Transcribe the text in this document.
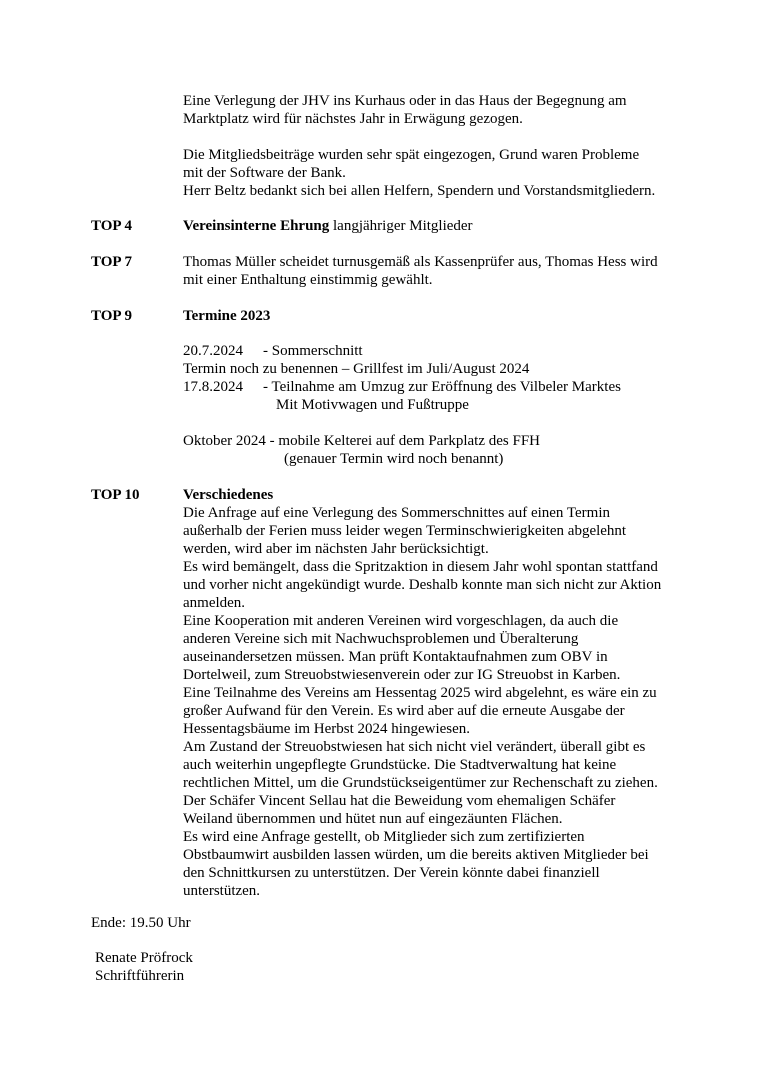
Eine Verlegung der JHV ins Kurhaus oder in das Haus der Begegnung am
Marktplatz wird für nächstes Jahr in Erwägung gezogen.
Die Mitgliedsbeiträge wurden sehr spät eingezogen, Grund waren Probleme
mit der Software der Bank.
Herr Beltz bedankt sich bei allen Helfern, Spendern und Vorstandsmitgliedern.
TOP 4	Vereinsinterne Ehrung langjähriger Mitglieder
TOP 7	Thomas Müller scheidet turnusgemäß als Kassenprüfer aus, Thomas Hess wird
mit einer Enthaltung einstimmig gewählt.
TOP 9	Termine 2023
20.7.2024 - Sommerschnitt
Termin noch zu benennen – Grillfest im Juli/August 2024
17.8.2024 - Teilnahme am Umzug zur Eröffnung des Vilbeler Marktes
Mit Motivwagen und Fußtruppe
Oktober 2024 - mobile Kelterei auf dem Parkplatz des FFH
(genauer Termin wird noch benannt)
TOP 10	Verschiedenes
Die Anfrage auf eine Verlegung des Sommerschnittes auf einen Termin
außerhalb der Ferien muss leider wegen Terminschwierigkeiten abgelehnt
werden, wird aber im nächsten Jahr berücksichtigt.
Es wird bemängelt, dass die Spritzaktion in diesem Jahr wohl spontan stattfand
und vorher nicht angekündigt wurde. Deshalb konnte man sich nicht zur Aktion
anmelden.
Eine Kooperation mit anderen Vereinen wird vorgeschlagen, da auch die
anderen Vereine sich mit Nachwuchsproblemen und Überalterung
auseinandersetzen müssen. Man prüft Kontaktaufnahmen zum OBV in
Dortelweil, zum Streuobstwiesenverein oder zur IG Streuobst in Karben.
Eine Teilnahme des Vereins am Hessentag 2025 wird abgelehnt, es wäre ein zu
großer Aufwand für den Verein. Es wird aber auf die erneute Ausgabe der
Hessentagsbäume im Herbst 2024 hingewiesen.
Am Zustand der Streuobstwiesen hat sich nicht viel verändert, überall gibt es
auch weiterhin ungepflegte Grundstücke. Die Stadtverwaltung hat keine
rechtlichen Mittel, um die Grundstückseigentümer zur Rechenschaft zu ziehen.
Der Schäfer Vincent Sellau hat die Beweidung vom ehemaligen Schäfer
Weiland übernommen und hütet nun auf eingezäunten Flächen.
Es wird eine Anfrage gestellt, ob Mitglieder sich zum zertifizierten
Obstbaumwirt ausbilden lassen würden, um die bereits aktiven Mitglieder bei
den Schnittkursen zu unterstützen. Der Verein könnte dabei finanziell
unterstützen.
Ende: 19.50 Uhr
Renate Pröfrock
Schriftführerin
